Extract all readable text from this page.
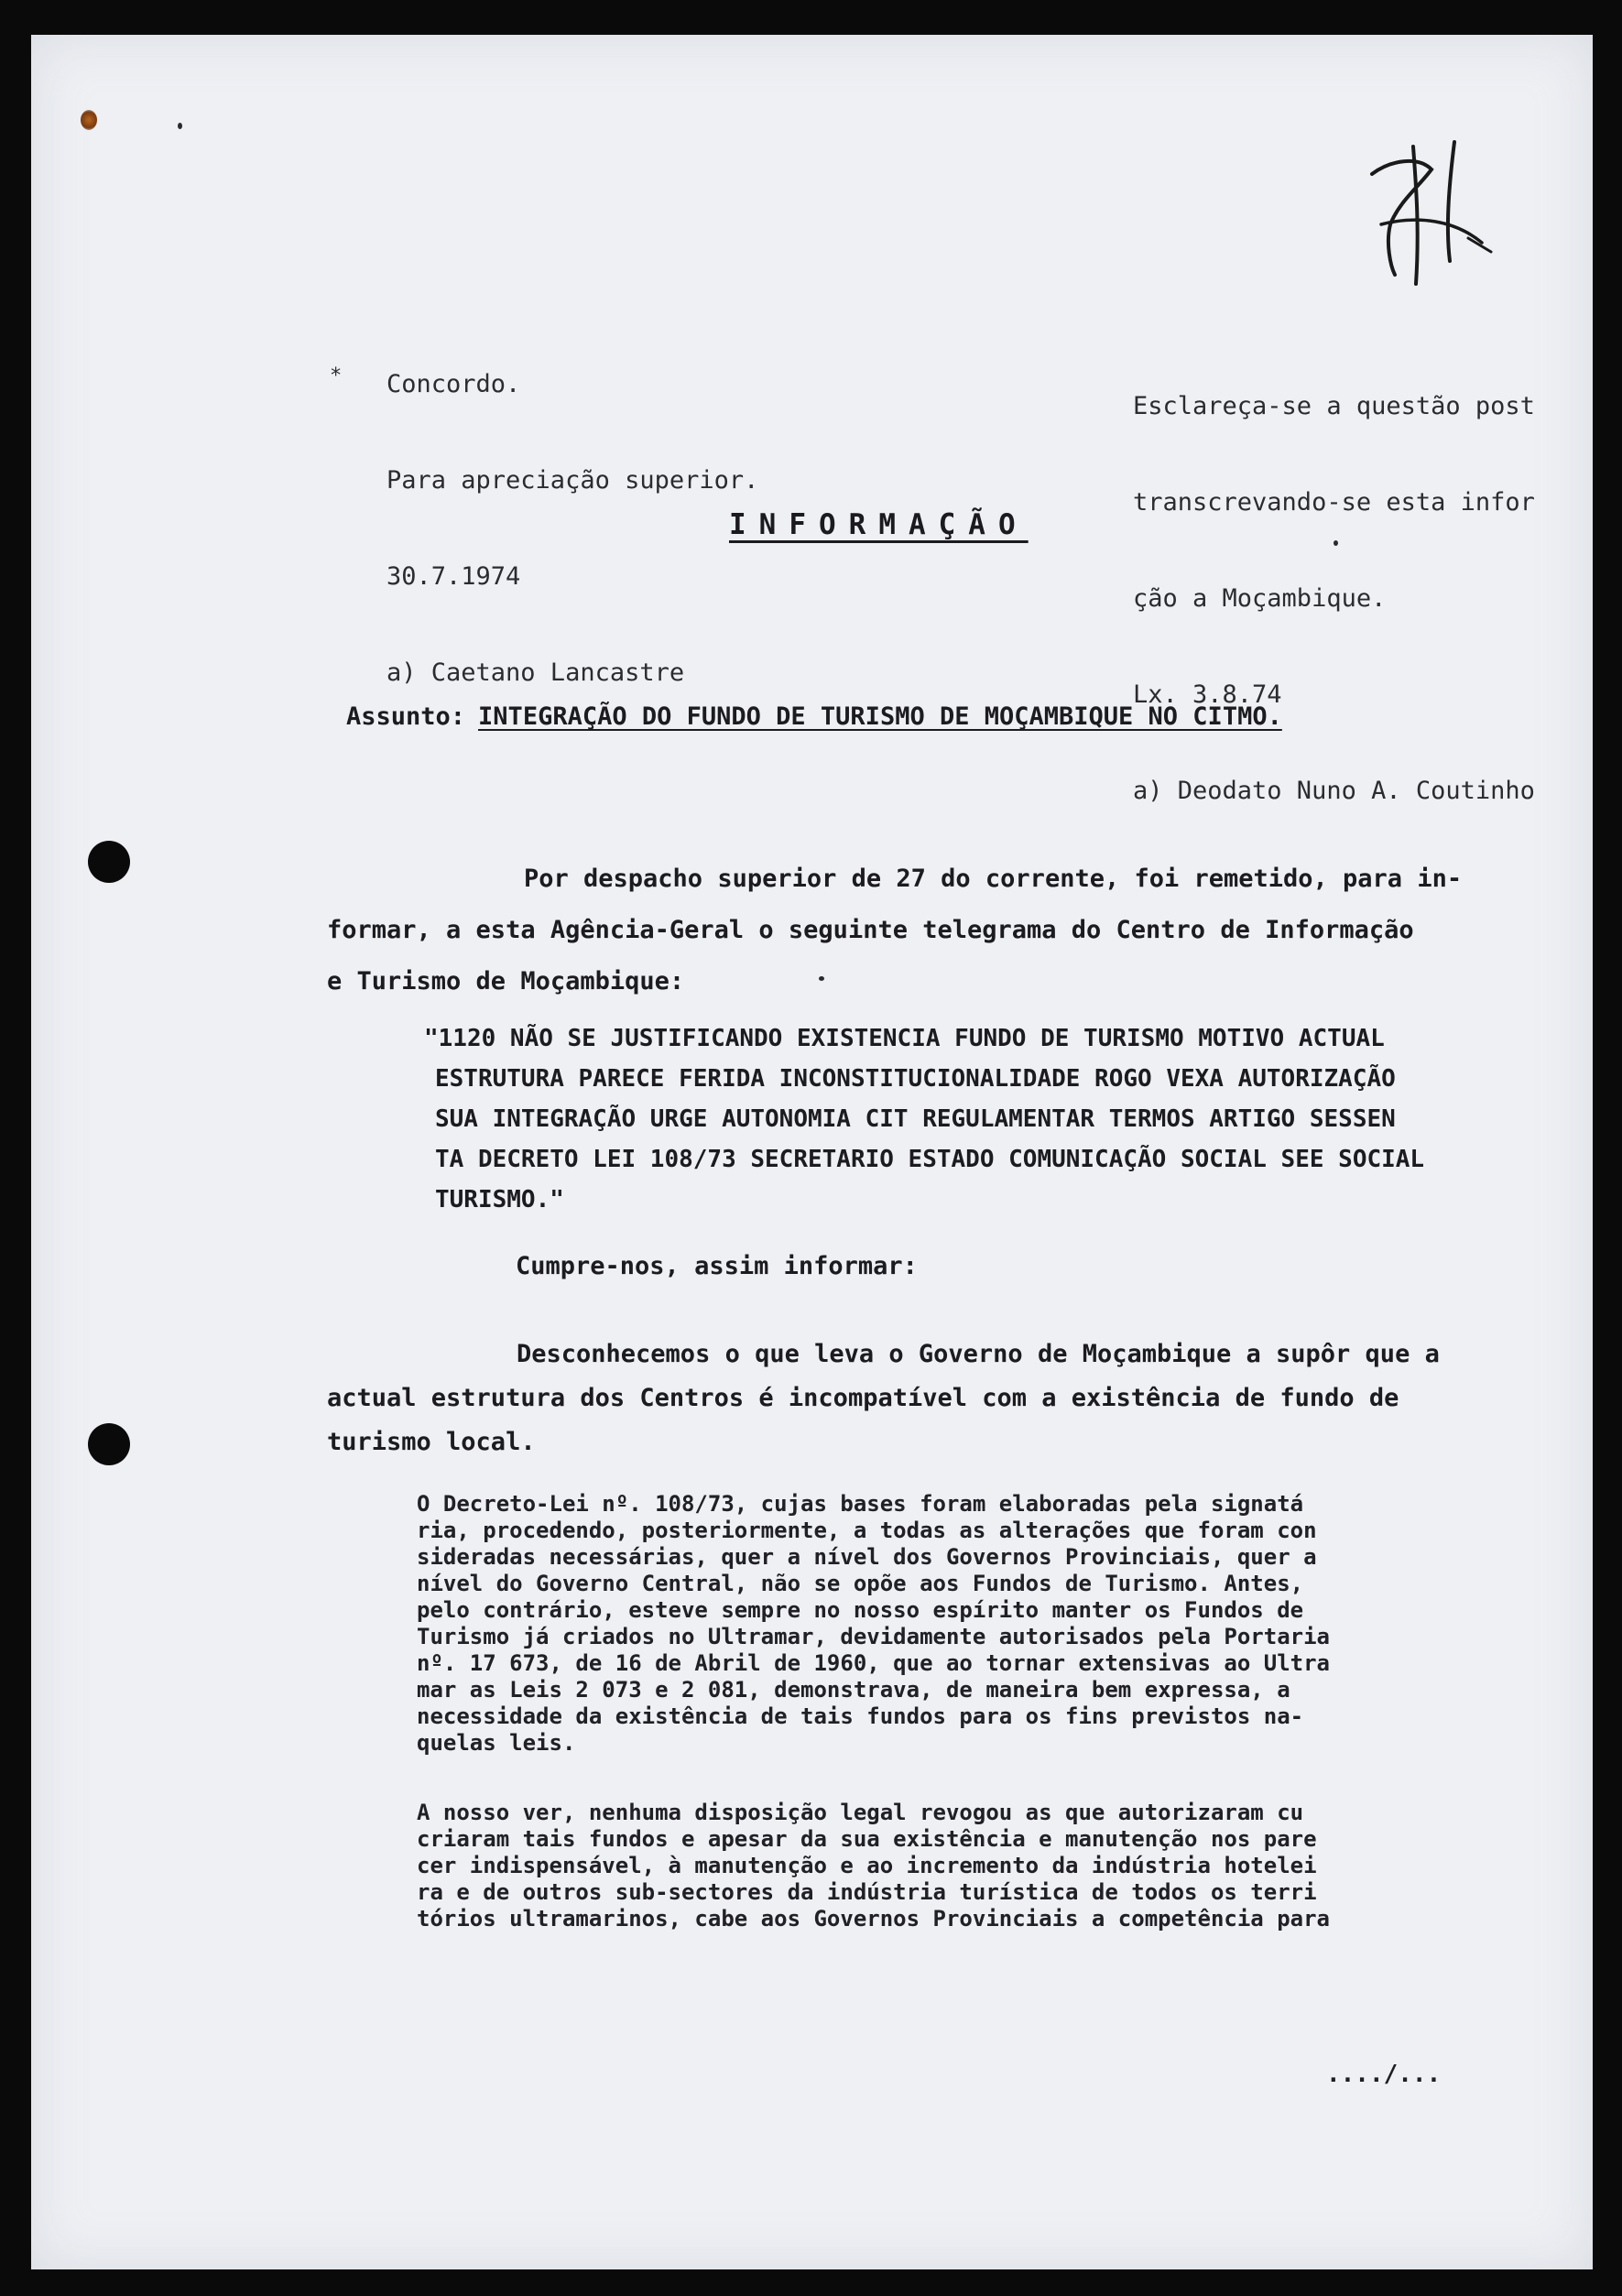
*

Concordo.

Para apreciação superior.

30.7.1974

a) Caetano Lancastre

Esclareça-se a questão post

transcrevando-se esta infor

ção a Moçambique.

Lx. 3.8.74

a) Deodato Nuno A. Coutinho

INFORMAÇÃO
Assunto: INTEGRAÇÃO DO FUNDO DE TURISMO DE MOÇAMBIQUE NO CITMO.
Por despacho superior de 27 do corrente, foi remetido, para in-
formar, a esta Agência-Geral o seguinte telegrama do Centro de Informação
e Turismo de Moçambique:
"1120 NÃO SE JUSTIFICANDO EXISTENCIA FUNDO DE TURISMO MOTIVO ACTUAL
ESTRUTURA PARECE FERIDA INCONSTITUCIONALIDADE ROGO VEXA AUTORIZAÇÃO
SUA INTEGRAÇÃO URGE AUTONOMIA CIT REGULAMENTAR TERMOS ARTIGO SESSEN
TA DECRETO LEI 108/73 SECRETARIO ESTADO COMUNICAÇÃO SOCIAL SEE SOCIAL
TURISMO."
Cumpre-nos, assim informar:
Desconhecemos o que leva o Governo de Moçambique a supôr que a
actual estrutura dos Centros é incompatível com a existência de fundo de
turismo local.
O Decreto-Lei nº. 108/73, cujas bases foram elaboradas pela signatá
ria, procedendo, posteriormente, a todas as alterações que foram con
sideradas necessárias, quer a nível dos Governos Provinciais, quer a
nível do Governo Central, não se opõe aos Fundos de Turismo. Antes,
pelo contrário, esteve sempre no nosso espírito manter os Fundos de
Turismo já criados no Ultramar, devidamente autorisados pela Portaria
nº. 17 673, de 16 de Abril de 1960, que ao tornar extensivas ao Ultra
mar as Leis 2 073 e 2 081, demonstrava, de maneira bem expressa, a
necessidade da existência de tais fundos para os fins previstos na-
quelas leis.
A nosso ver, nenhuma disposição legal revogou as que autorizaram cu
criaram tais fundos e apesar da sua existência e manutenção nos pare
cer indispensável, à manutenção e ao incremento da indústria hotelei
ra e de outros sub-sectores da indústria turística de todos os terri
tórios ultramarinos, cabe aos Governos Provinciais a competência para
..../...
